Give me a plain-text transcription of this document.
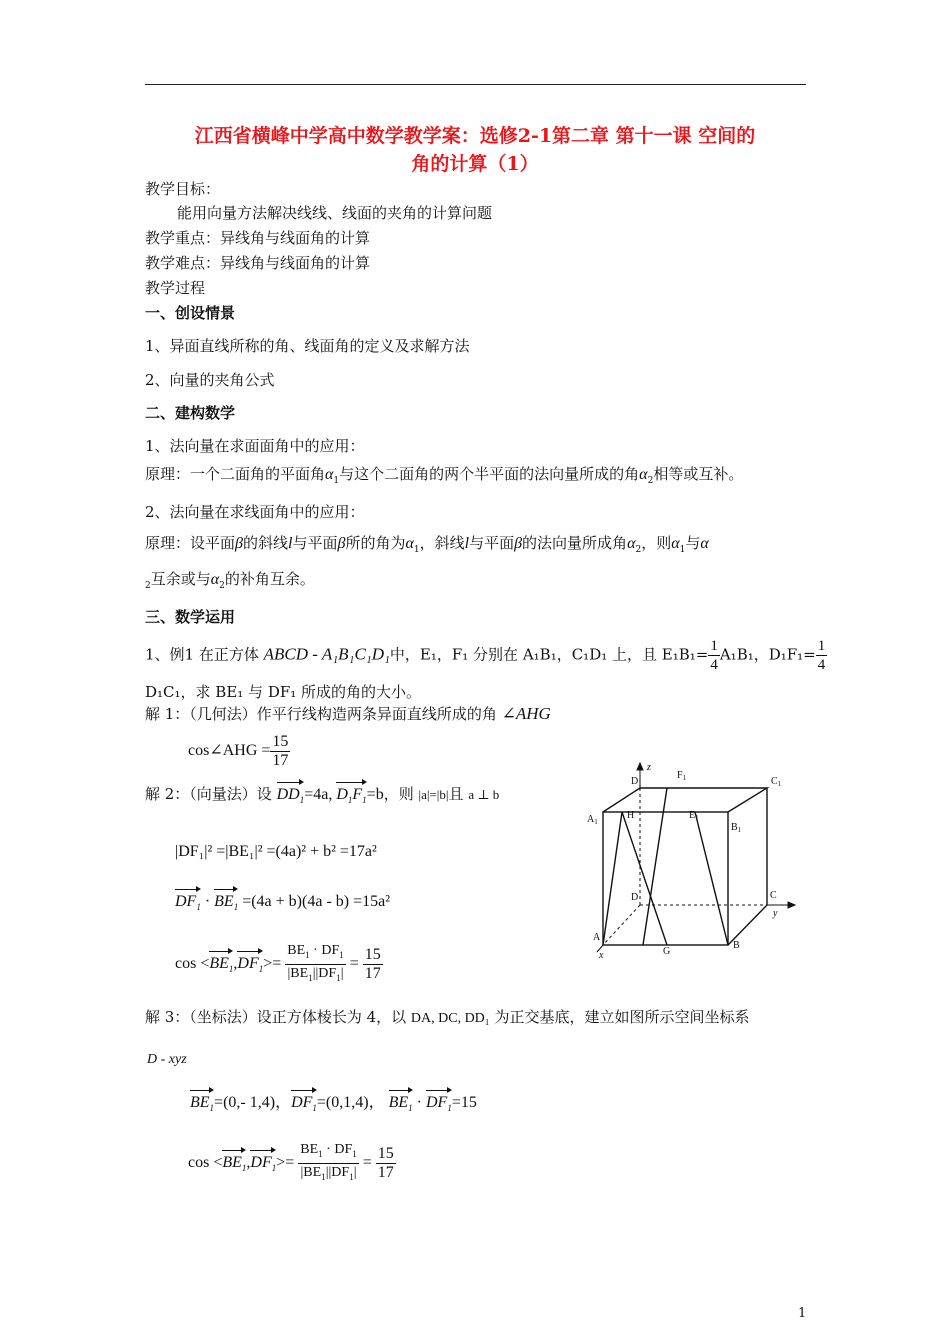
江西省横峰中学高中数学教学案：选修2-1第二章 第十一课 空间的
角的计算（1）
教学目标：
能用向量方法解决线线、线面的夹角的计算问题
教学重点：异线角与线面角的计算
教学难点：异线角与线面角的计算
教学过程
一、创设情景
1、异面直线所称的角、线面角的定义及求解方法
2、向量的夹角公式
二、建构数学
1、法向量在求面面角中的应用：
原理：一个二面角的平面角$\alpha_1$与这个二面角的两个半平面的法向量所成的角$\alpha_2$相等或互补。
2、法向量在求线面角中的应用：
原理：设平面β的斜线l与平面β所的角为$\alpha_1$，斜线l与平面β的法向量所成角$\alpha_2$，则$\alpha_1$与α
$_2$互余或与$\alpha_2$的补角互余。
三、数学运用
1、例1 在正方体 ABCD - A₁B₁C₁D₁中，E₁，F₁ 分别在 A₁B₁，C₁D₁ 上，且 $E_1B_1= \frac{1}{4} A_1B_1$，$D_1F_1= \frac{1}{4}$
D₁C₁，求 BE₁ 与 DF₁ 所成的角的大小。
解 1：（几何法）作平行线构造两条异面直线所成的角 ∠AHG
cos∠AHG = $\frac{15}{17}$
解 2：（向量法）设 $DD_1=4a$, $D_1F_1=b$，则 |a|=|b|且 a ⊥ b
|DF₁|² =|BE₁|² =(4a)² + b² =17a²
$DF_1 \cdot BE_1 =(4a + b)(4a - b) =15a^2$
$\cos <BE_1,DF_1>= \frac{BE_1 \cdot DF_1}{|BE_1||DF_1|} = \frac{15}{17}$
解 3：（坐标法）设正方体棱长为 4，以 DA, DC, DD₁ 为正交基底，建立如图所示空间坐标系
D - xyz
$BE_1=(0,-$ 1,4)，$DF_1=(0,1,4)$， $BE_1 \cdot DF_1=15$
$\cos <BE_1,DF_1>= \frac{BE_1 \cdot DF_1}{|BE_1||DF_1|} = \frac{15}{17}$
$D_1$
$F_1$	$C_1$
$A_1$
H	$E_1$
$B_1$
D	C
A
G
B
z
y
x
1
